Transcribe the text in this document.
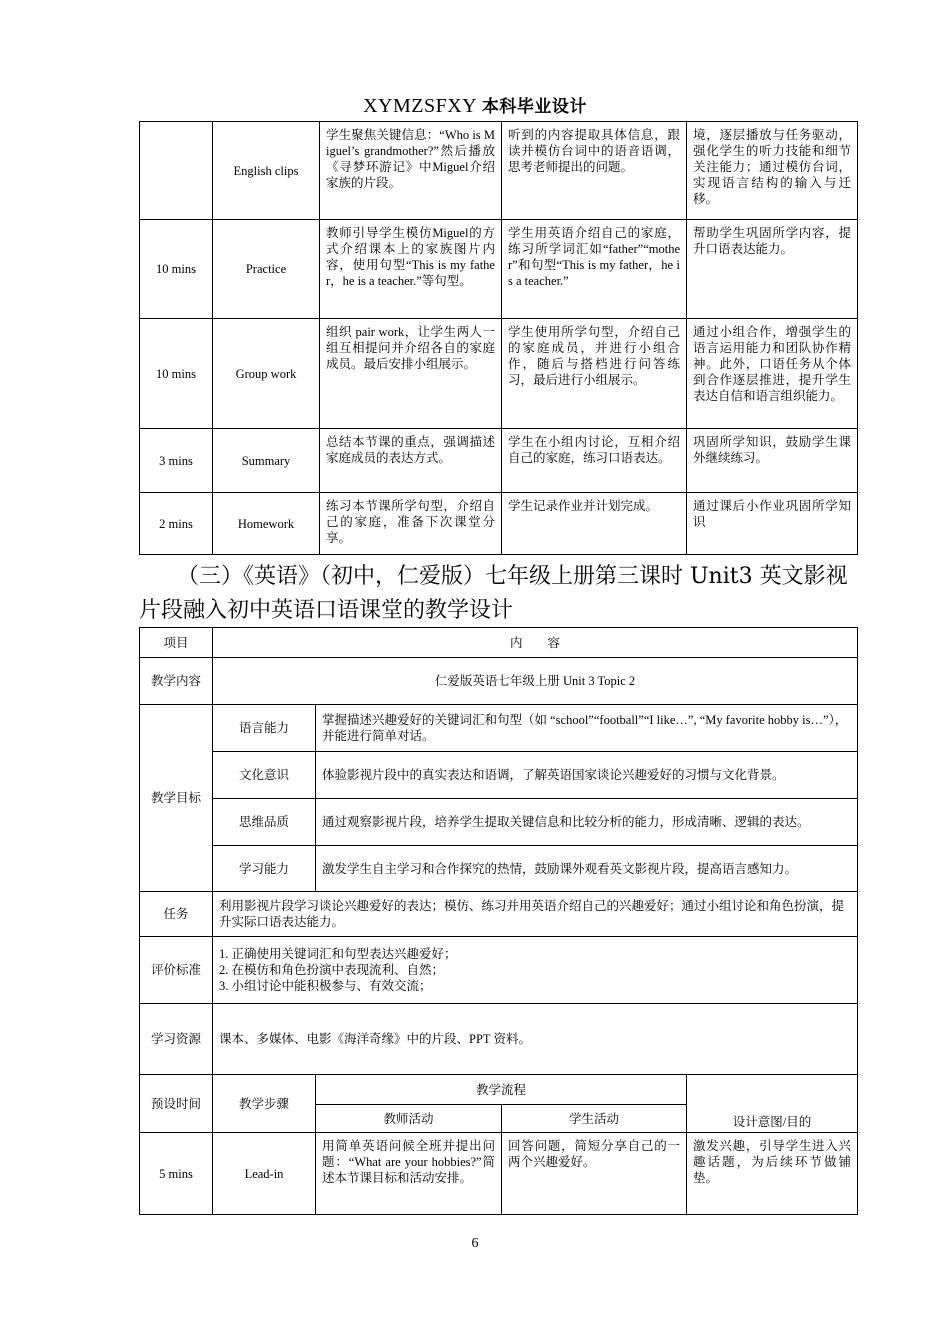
XYMZSFXY 本科毕业设计
	English clips	学生聚焦关键信息：“Who is Miguel’s grandmother?”然后播放《寻梦环游记》中Miguel介绍家族的片段。	听到的内容提取具体信息，跟读并模仿台词中的语音语调，思考老师提出的问题。	境，逐层播放与任务驱动，强化学生的听力技能和细节关注能力；通过模仿台词，实现语言结构的输入与迁移。
10 mins	Practice	教师引导学生模仿Miguel的方式介绍课本上的家族图片内容，使用句型“This is my father，he is a teacher.”等句型。	学生用英语介绍自己的家庭，练习所学词汇如“father”“mother”和句型“This is my father，he is a teacher.”	帮助学生巩固所学内容，提升口语表达能力。
10 mins	Group work	组织 pair work，让学生两人一组互相提问并介绍各自的家庭成员。最后安排小组展示。	学生使用所学句型，介绍自己的家庭成员，并进行小组合作，随后与搭档进行问答练习，最后进行小组展示。	通过小组合作，增强学生的语言运用能力和团队协作精神。此外，口语任务从个体到合作逐层推进，提升学生表达自信和语言组织能力。
3 mins	Summary	总结本节课的重点，强调描述家庭成员的表达方式。	学生在小组内讨论，互相介绍自己的家庭，练习口语表达。	巩固所学知识，鼓励学生课外继续练习。
2 mins	Homework	练习本节课所学句型，介绍自己的家庭，准备下次课堂分享。	学生记录作业并计划完成。	通过课后小作业巩固所学知识
（三）《英语》（初中，仁爱版）七年级上册第三课时 Unit3 英文影视片段融入初中英语口语课堂的教学设计
项目	内　　容			
教学内容	仁爱版英语七年级上册 Unit 3 Topic 2			
教学目标	语言能力	掌握描述兴趣爱好的关键词汇和句型（如 “school”“football”“I like…”, “My favorite hobby is…”），并能进行简单对话。		
	文化意识	体验影视片段中的真实表达和语调，了解英语国家谈论兴趣爱好的习惯与文化背景。		
	思维品质	通过观察影视片段，培养学生提取关键信息和比较分析的能力，形成清晰、逻辑的表达。		
	学习能力	激发学生自主学习和合作探究的热情，鼓励课外观看英文影视片段，提高语言感知力。		
任务	利用影视片段学习谈论兴趣爱好的表达；模仿、练习并用英语介绍自己的兴趣爱好；通过小组讨论和角色扮演，提升实际口语表达能力。			
评价标准	1. 正确使用关键词汇和句型表达兴趣爱好；
2. 在模仿和角色扮演中表现流利、自然；
3. 小组讨论中能积极参与、有效交流；			

学习资源	课本、多媒体、电影《海洋奇缘》中的片段、PPT 资料。			
预设时间	教学步骤	教学流程		设计意图/目的
		教师活动	学生活动	
5 mins	Lead-in	用简单英语问候全班并提出问题：“What are your hobbies?”简述本节课目标和活动安排。	回答问题，简短分享自己的一两个兴趣爱好。	激发兴趣，引导学生进入兴趣话题，为后续环节做铺垫。
6
